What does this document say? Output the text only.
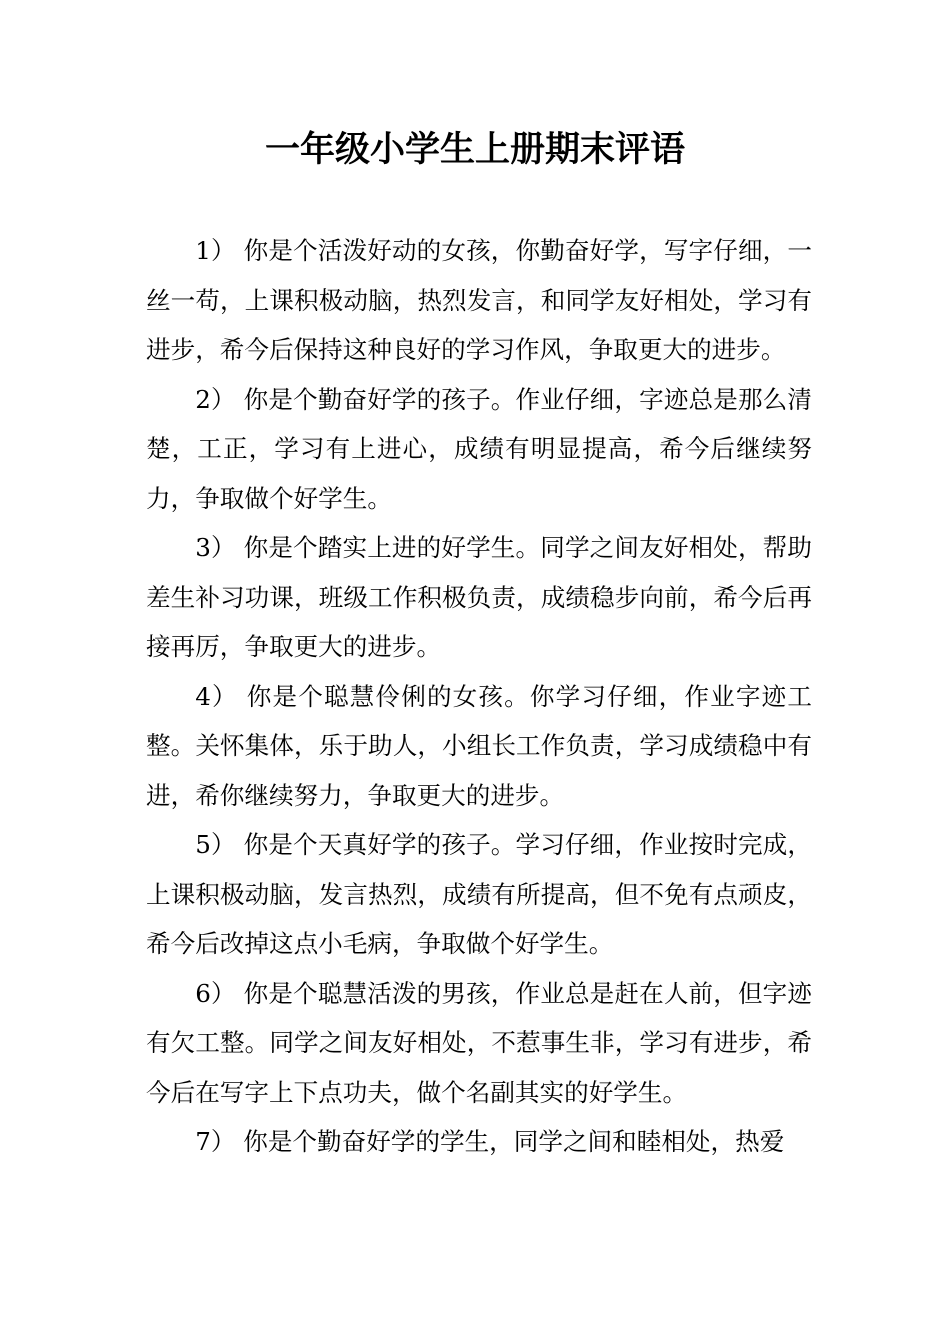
一年级小学生上册期末评语

1） 你是个活泼好动的女孩，你勤奋好学，写字仔细，一丝一苟，上课积极动脑，热烈发言，和同学友好相处，学习有进步，希今后保持这种良好的学习作风，争取更大的进步。

2） 你是个勤奋好学的孩子。作业仔细，字迹总是那么清楚，工正，学习有上进心，成绩有明显提高，希今后继续努力，争取做个好学生。

3） 你是个踏实上进的好学生。同学之间友好相处，帮助差生补习功课，班级工作积极负责，成绩稳步向前，希今后再接再厉，争取更大的进步。

4） 你是个聪慧伶俐的女孩。你学习仔细，作业字迹工整。关怀集体，乐于助人，小组长工作负责，学习成绩稳中有进，希你继续努力，争取更大的进步。

5） 你是个天真好学的孩子。学习仔细，作业按时完成，上课积极动脑，发言热烈，成绩有所提高，但不免有点顽皮，希今后改掉这点小毛病，争取做个好学生。

6） 你是个聪慧活泼的男孩，作业总是赶在人前，但字迹有欠工整。同学之间友好相处，不惹事生非，学习有进步，希今后在写字上下点功夫，做个名副其实的好学生。

7） 你是个勤奋好学的学生，同学之间和睦相处，热爱
